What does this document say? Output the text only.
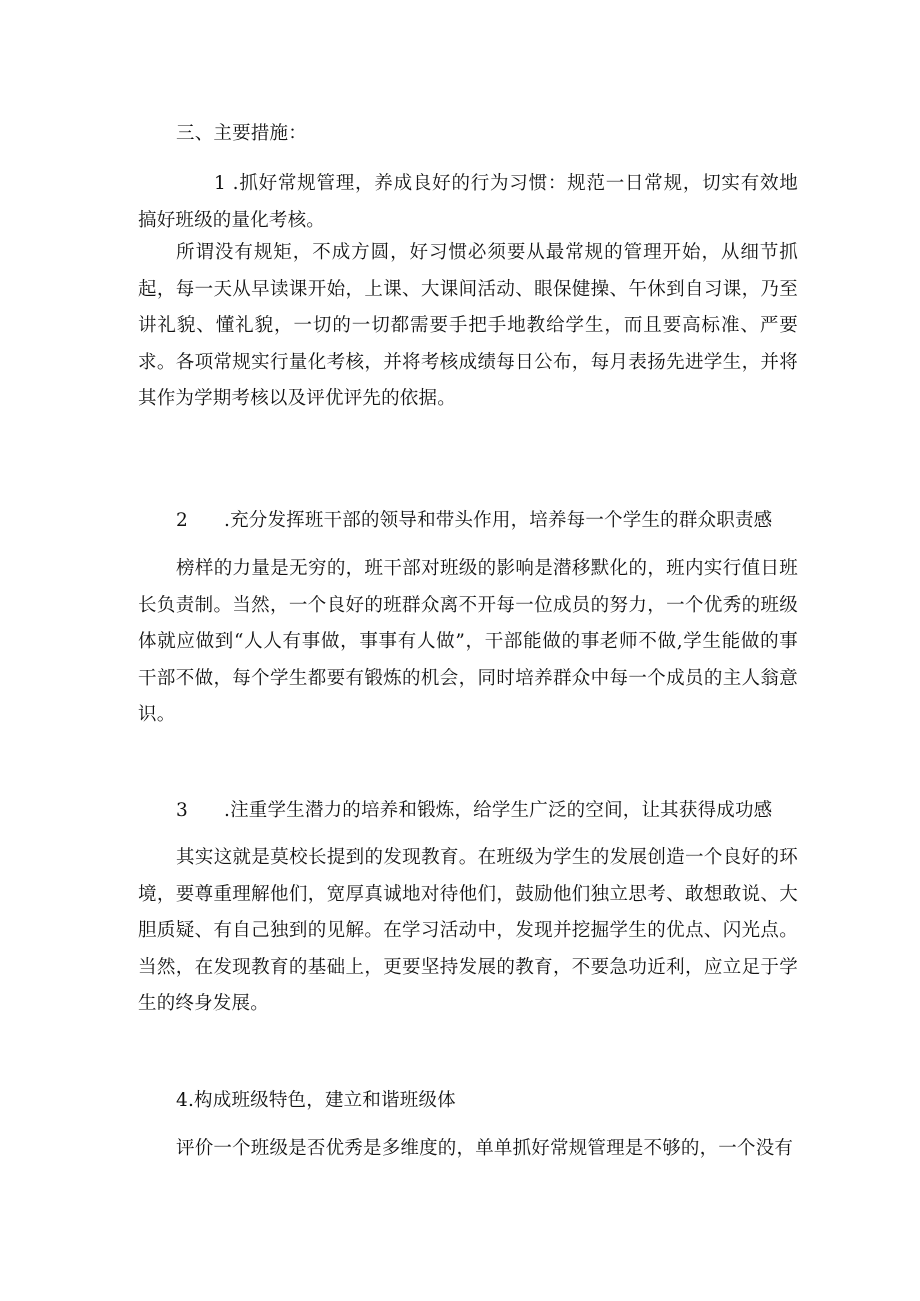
三、主要措施：

1 .抓好常规管理，养成良好的行为习惯：规范一日常规，切实有效地搞好班级的量化考核。

所谓没有规矩，不成方圆，好习惯必须要从最常规的管理开始，从细节抓起，每一天从早读课开始，上课、大课间活动、眼保健操、午休到自习课，乃至讲礼貌、懂礼貌，一切的一切都需要手把手地教给学生，而且要高标准、严要求。各项常规实行量化考核，并将考核成绩每日公布，每月表扬先进学生，并将其作为学期考核以及评优评先的依据。

2 .充分发挥班干部的领导和带头作用，培养每一个学生的群众职责感

榜样的力量是无穷的，班干部对班级的影响是潜移默化的，班内实行值日班长负责制。当然，一个良好的班群众离不开每一位成员的努力，一个优秀的班级体就应做到“人人有事做，事事有人做”，干部能做的事老师不做,学生能做的事干部不做，每个学生都要有锻炼的机会，同时培养群众中每一个成员的主人翁意识。

3 .注重学生潜力的培养和锻炼，给学生广泛的空间，让其获得成功感

其实这就是莫校长提到的发现教育。在班级为学生的发展创造一个良好的环境，要尊重理解他们，宽厚真诚地对待他们，鼓励他们独立思考、敢想敢说、大胆质疑、有自己独到的见解。在学习活动中，发现并挖掘学生的优点、闪光点。当然，在发现教育的基础上，更要坚持发展的教育，不要急功近利，应立足于学生的终身发展。

4.构成班级特色，建立和谐班级体

评价一个班级是否优秀是多维度的，单单抓好常规管理是不够的，一个没有
